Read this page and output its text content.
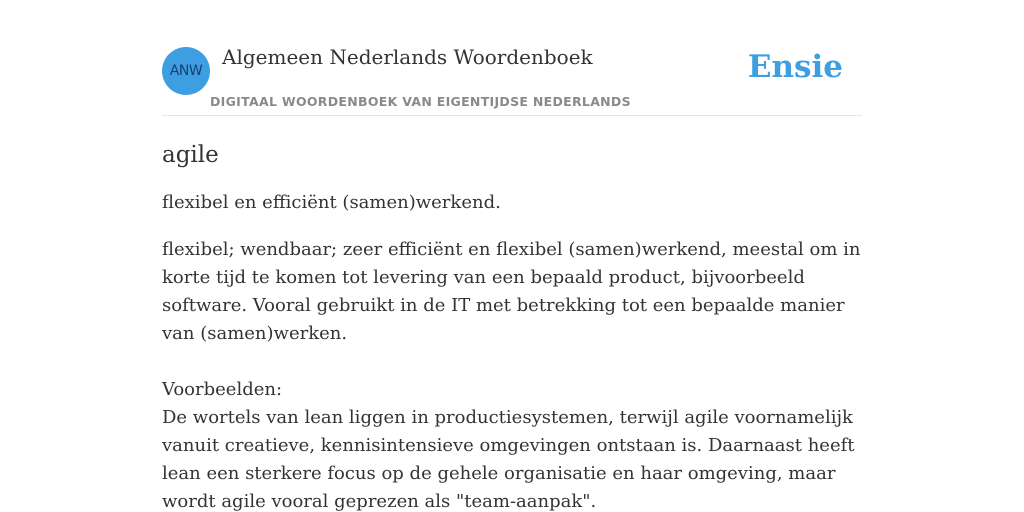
ANW
Algemeen Nederlands Woordenboek
DIGITAAL WOORDENBOEK VAN EIGENTIJDSE NEDERLANDS
Ensie
agile

flexibel en efficiënt (samen)werkend.

flexibel; wendbaar; zeer efficiënt en flexibel (samen)werkend, meestal om in korte tijd te komen tot levering van een bepaald product, bijvoorbeeld software. Vooral gebruikt in de IT met betrekking tot een bepaalde manier van (samen)werken.

Voorbeelden:

De wortels van lean liggen in productiesystemen, terwijl agile voornamelijk vanuit creatieve, kennisintensieve omgevingen ontstaan is. Daarnaast heeft lean een sterkere focus op de gehele organisatie en haar omgeving, maar wordt agile vooral geprezen als "team-aanpak".
